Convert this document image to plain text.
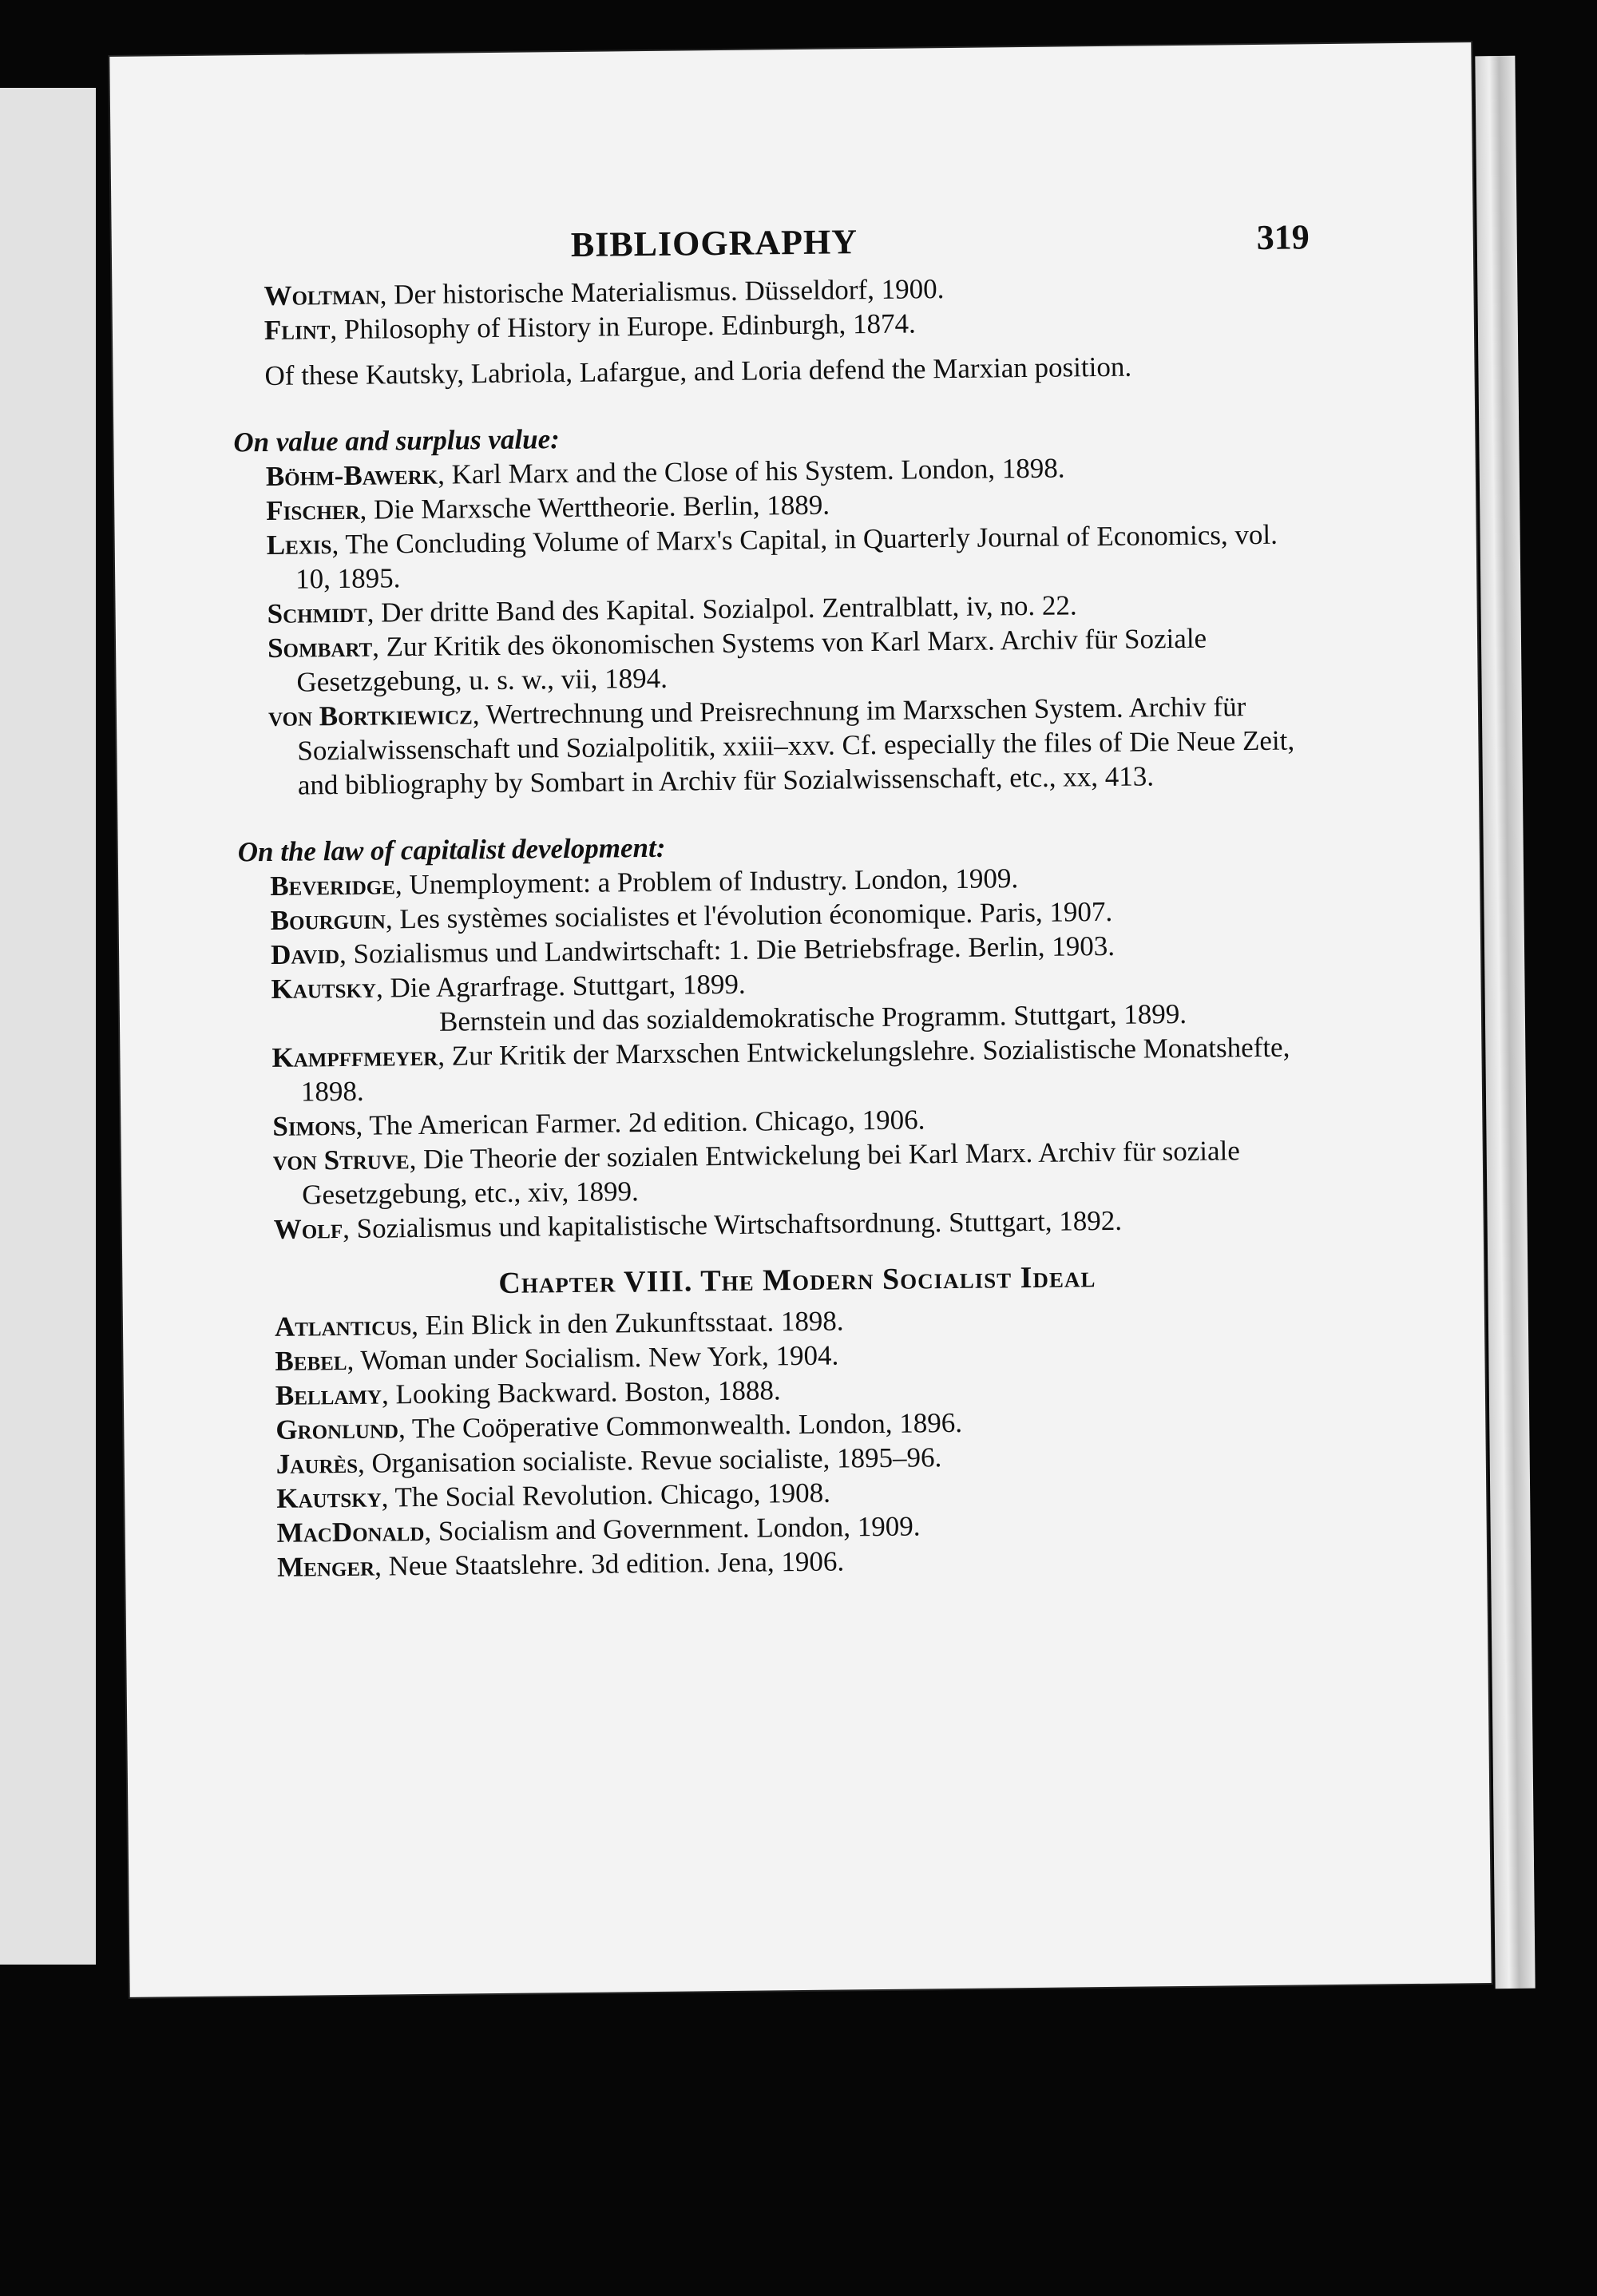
BIBLIOGRAPHY	319

Woltman, Der historische Materialismus. Düsseldorf, 1900.

Flint, Philosophy of History in Europe. Edinburgh, 1874.

Of these Kautsky, Labriola, Lafargue, and Loria defend the Marxian position.

On value and surplus value:

Böhm-Bawerk, Karl Marx and the Close of his System. London, 1898.

Fischer, Die Marxsche Werttheorie. Berlin, 1889.

Lexis, The Concluding Volume of Marx's Capital, in Quarterly Journal of Economics, vol. 10, 1895.

Schmidt, Der dritte Band des Kapital. Sozialpol. Zentralblatt, iv, no. 22.

Sombart, Zur Kritik des ökonomischen Systems von Karl Marx. Archiv für Soziale Gesetzgebung, u. s. w., vii, 1894.

von Bortkiewicz, Wertrechnung und Preisrechnung im Marxschen System. Archiv für Sozialwissenschaft und Sozialpolitik, xxiii–xxv. Cf. especially the files of Die Neue Zeit, and bibliography by Sombart in Archiv für Sozialwissenschaft, etc., xx, 413.

On the law of capitalist development:

Beveridge, Unemployment: a Problem of Industry. London, 1909.

Bourguin, Les systèmes socialistes et l'évolution économique. Paris, 1907.

David, Sozialismus und Landwirtschaft: 1. Die Betriebsfrage. Berlin, 1903.

Kautsky, Die Agrarfrage. Stuttgart, 1899.

Bernstein und das sozialdemokratische Programm. Stuttgart, 1899.

Kampffmeyer, Zur Kritik der Marxschen Entwickelungslehre. Sozialistische Monatshefte, 1898.

Simons, The American Farmer. 2d edition. Chicago, 1906.

von Struve, Die Theorie der sozialen Entwickelung bei Karl Marx. Archiv für soziale Gesetzgebung, etc., xiv, 1899.

Wolf, Sozialismus und kapitalistische Wirtschaftsordnung. Stuttgart, 1892.

Chapter VIII. The Modern Socialist Ideal

Atlanticus, Ein Blick in den Zukunftsstaat. 1898.

Bebel, Woman under Socialism. New York, 1904.

Bellamy, Looking Backward. Boston, 1888.

Gronlund, The Coöperative Commonwealth. London, 1896.

Jaurès, Organisation socialiste. Revue socialiste, 1895–96.

Kautsky, The Social Revolution. Chicago, 1908.

MacDonald, Socialism and Government. London, 1909.

Menger, Neue Staatslehre. 3d edition. Jena, 1906.
